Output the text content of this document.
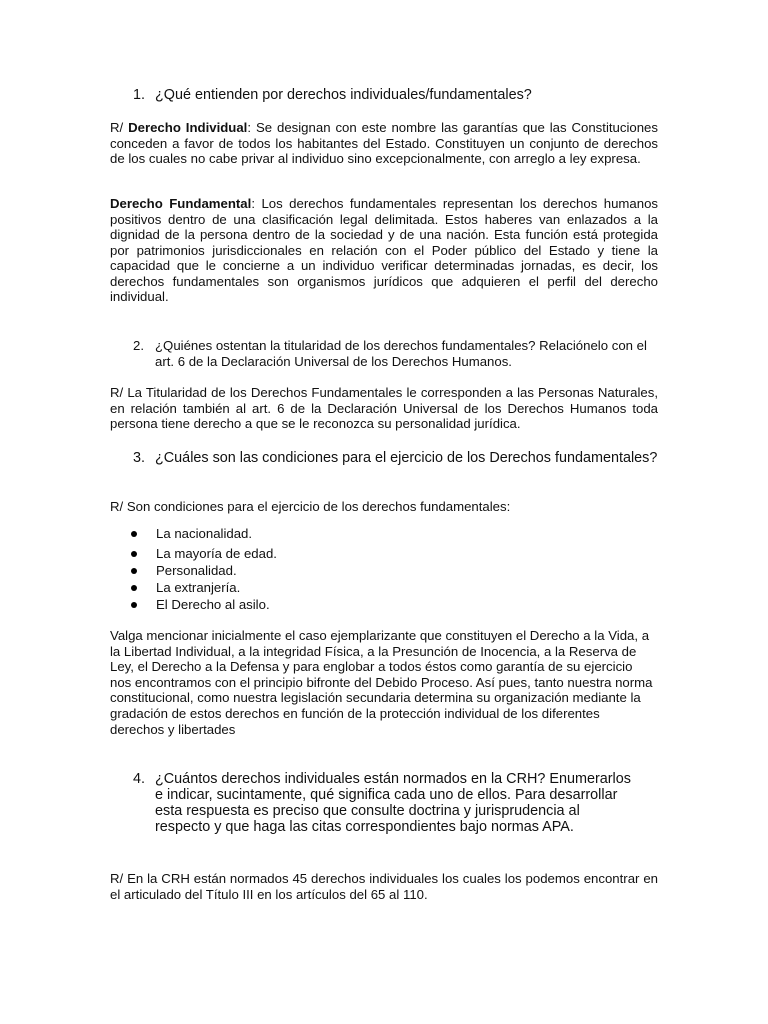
1. ¿Qué entienden por derechos individuales/fundamentales?
R/ Derecho Individual: Se designan con este nombre las garantías que las Constituciones conceden a favor de todos los habitantes del Estado. Constituyen un conjunto de derechos de los cuales no cabe privar al individuo sino excepcionalmente, con arreglo a ley expresa.
Derecho Fundamental: Los derechos fundamentales representan los derechos humanos positivos dentro de una clasificación legal delimitada. Estos haberes van enlazados a la dignidad de la persona dentro de la sociedad y de una nación. Esta función está protegida por patrimonios jurisdiccionales en relación con el Poder público del Estado y tiene la capacidad que le concierne a un individuo verificar determinadas jornadas, es decir, los derechos fundamentales son organismos jurídicos que adquieren el perfil del derecho individual.
2. ¿Quiénes ostentan la titularidad de los derechos fundamentales? Relaciónelo con el art. 6 de la Declaración Universal de los Derechos Humanos.
R/ La Titularidad de los Derechos Fundamentales le corresponden a las Personas Naturales, en relación también al art. 6 de la Declaración Universal de los Derechos Humanos toda persona tiene derecho a que se le reconozca su personalidad jurídica.
3. ¿Cuáles son las condiciones para el ejercicio de los Derechos fundamentales?
R/ Son condiciones para el ejercicio de los derechos fundamentales:
La nacionalidad.
La mayoría de edad.
Personalidad.
La extranjería.
El Derecho al asilo.
Valga mencionar inicialmente el caso ejemplarizante que constituyen el Derecho a la Vida, a la Libertad Individual, a la integridad Física, a la Presunción de Inocencia, a la Reserva de Ley, el Derecho a la Defensa y para englobar a todos éstos como garantía de su ejercicio nos encontramos con el principio bifronte del Debido Proceso. Así pues, tanto nuestra norma constitucional, como nuestra legislación secundaria determina su organización mediante la gradación de estos derechos en función de la protección individual de los diferentes derechos y libertades
4. ¿Cuántos derechos individuales están normados en la CRH? Enumerarlos e indicar, sucintamente, qué significa cada uno de ellos. Para desarrollar esta respuesta es preciso que consulte doctrina y jurisprudencia al respecto y que haga las citas correspondientes bajo normas APA.
R/ En la CRH están normados 45 derechos individuales los cuales los podemos encontrar en el articulado del Título III en los artículos del 65 al 110.
